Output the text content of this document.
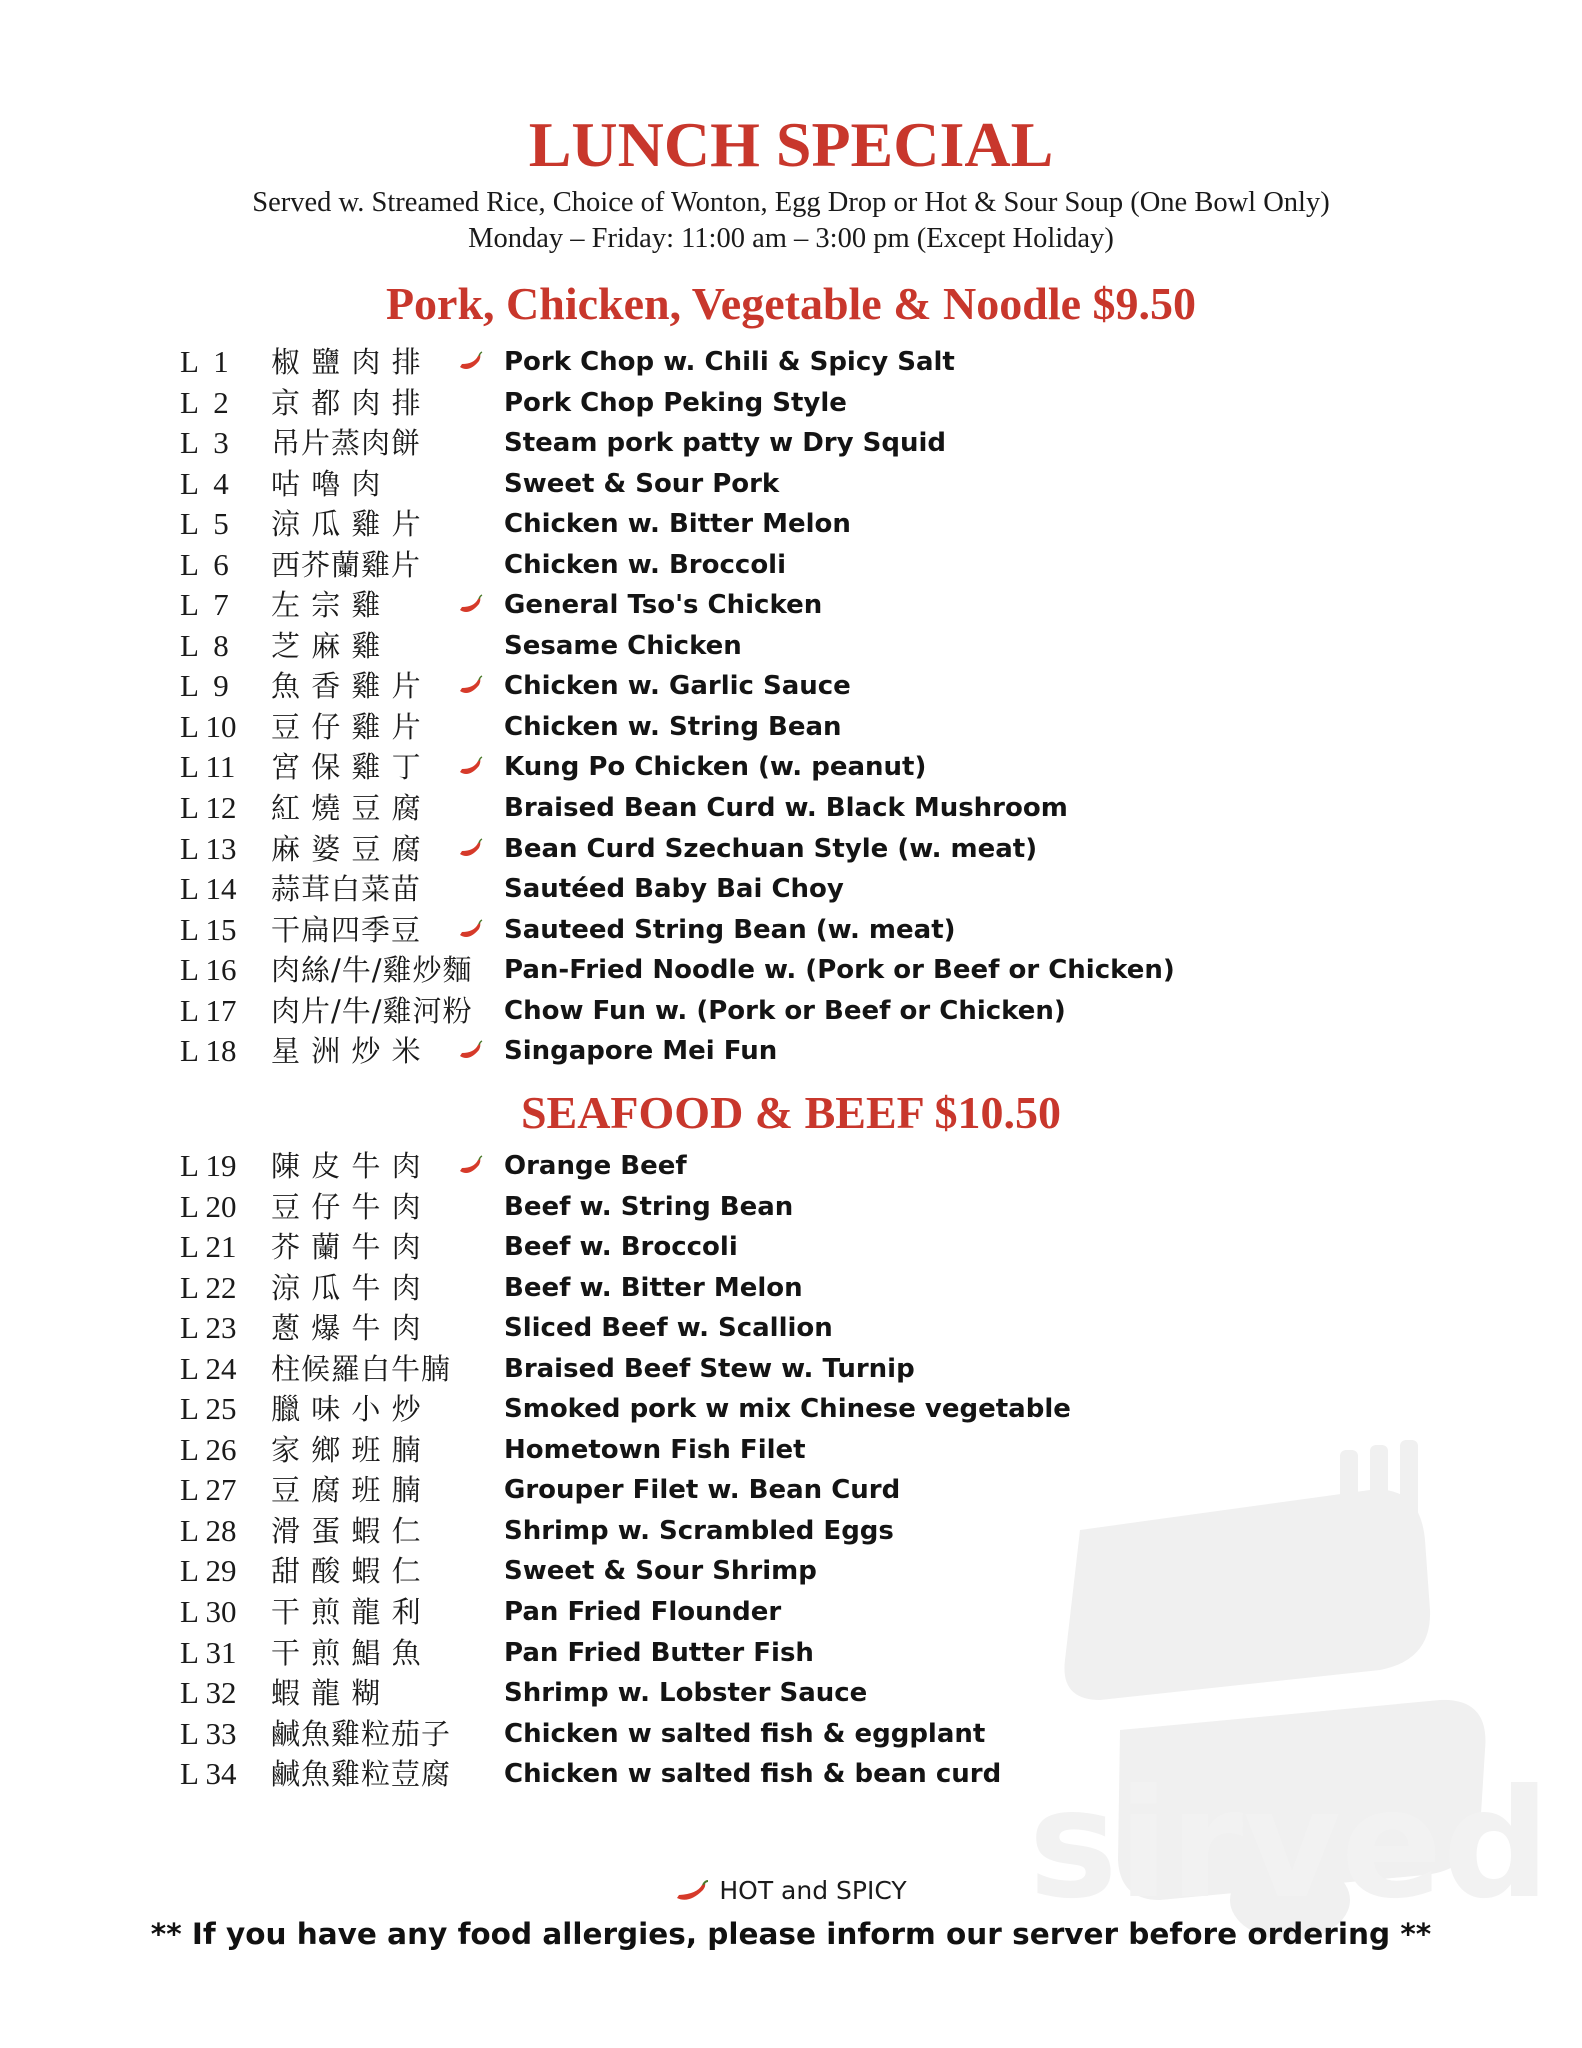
sirved
LUNCH SPECIAL

Served w. Streamed Rice, Choice of Wonton, Egg Drop or Hot & Sour Soup (One Bowl Only)

Monday – Friday: 11:00 am – 3:00 pm (Except Holiday)

Pork, Chicken, Vegetable & Noodle $9.50
L  1 椒 鹽 肉 排	Pork Chop w. Chili & Spicy Salt
L  2 京 都 肉 排	Pork Chop Peking Style
L  3 吊片蒸肉餅	Steam pork patty w Dry Squid
L  4 咕 嚕 肉	Sweet & Sour Pork
L  5 涼 瓜 雞 片	Chicken w. Bitter Melon
L  6 西芥蘭雞片	Chicken w. Broccoli
L  7 左 宗 雞	General Tso's Chicken
L  8 芝 麻 雞	Sesame Chicken
L  9 魚 香 雞 片	Chicken w. Garlic Sauce
L 10 豆 仔 雞 片	Chicken w. String Bean
L 11 宮 保 雞 丁	Kung Po Chicken (w. peanut)
L 12 紅 燒 豆 腐	Braised Bean Curd w. Black Mushroom
L 13 麻 婆 豆 腐	Bean Curd Szechuan Style (w. meat)
L 14 蒜茸白菜苗	Sautéed Baby Bai Choy
L 15 干扁四季豆	Sauteed String Bean (w. meat)
L 16 肉絲/牛/雞炒麵 Pan-Fried Noodle w. (Pork or Beef or Chicken)
L 17 肉片/牛/雞河粉 Chow Fun w. (Pork or Beef or Chicken)
L 18 星 洲 炒 米	Singapore Mei Fun
SEAFOOD & BEEF $10.50
L 19 陳 皮 牛 肉	Orange Beef
L 20 豆 仔 牛 肉	Beef w. String Bean
L 21 芥 蘭 牛 肉	Beef w. Broccoli
L 22 涼 瓜 牛 肉	Beef w. Bitter Melon
L 23 蔥 爆 牛 肉	Sliced Beef w. Scallion
L 24 柱候羅白牛腩 Braised Beef Stew w. Turnip
L 25 臘 味 小 炒	Smoked pork w mix Chinese vegetable
L 26 家 鄉 班 腩	Hometown Fish Filet
L 27 豆 腐 班 腩	Grouper Filet w. Bean Curd
L 28 滑 蛋 蝦 仁	Shrimp w. Scrambled Eggs
L 29 甜 酸 蝦 仁	Sweet & Sour Shrimp
L 30 干 煎 龍 利	Pan Fried Flounder
L 31 干 煎 鯧 魚	Pan Fried Butter Fish
L 32 蝦 龍 糊	Shrimp w. Lobster Sauce
L 33 鹹魚雞粒茄子 Chicken w salted fish & eggplant
L 34 鹹魚雞粒荳腐 Chicken w salted fish & bean curd
HOT and SPICY
** If you have any food allergies, please inform our server before ordering **
